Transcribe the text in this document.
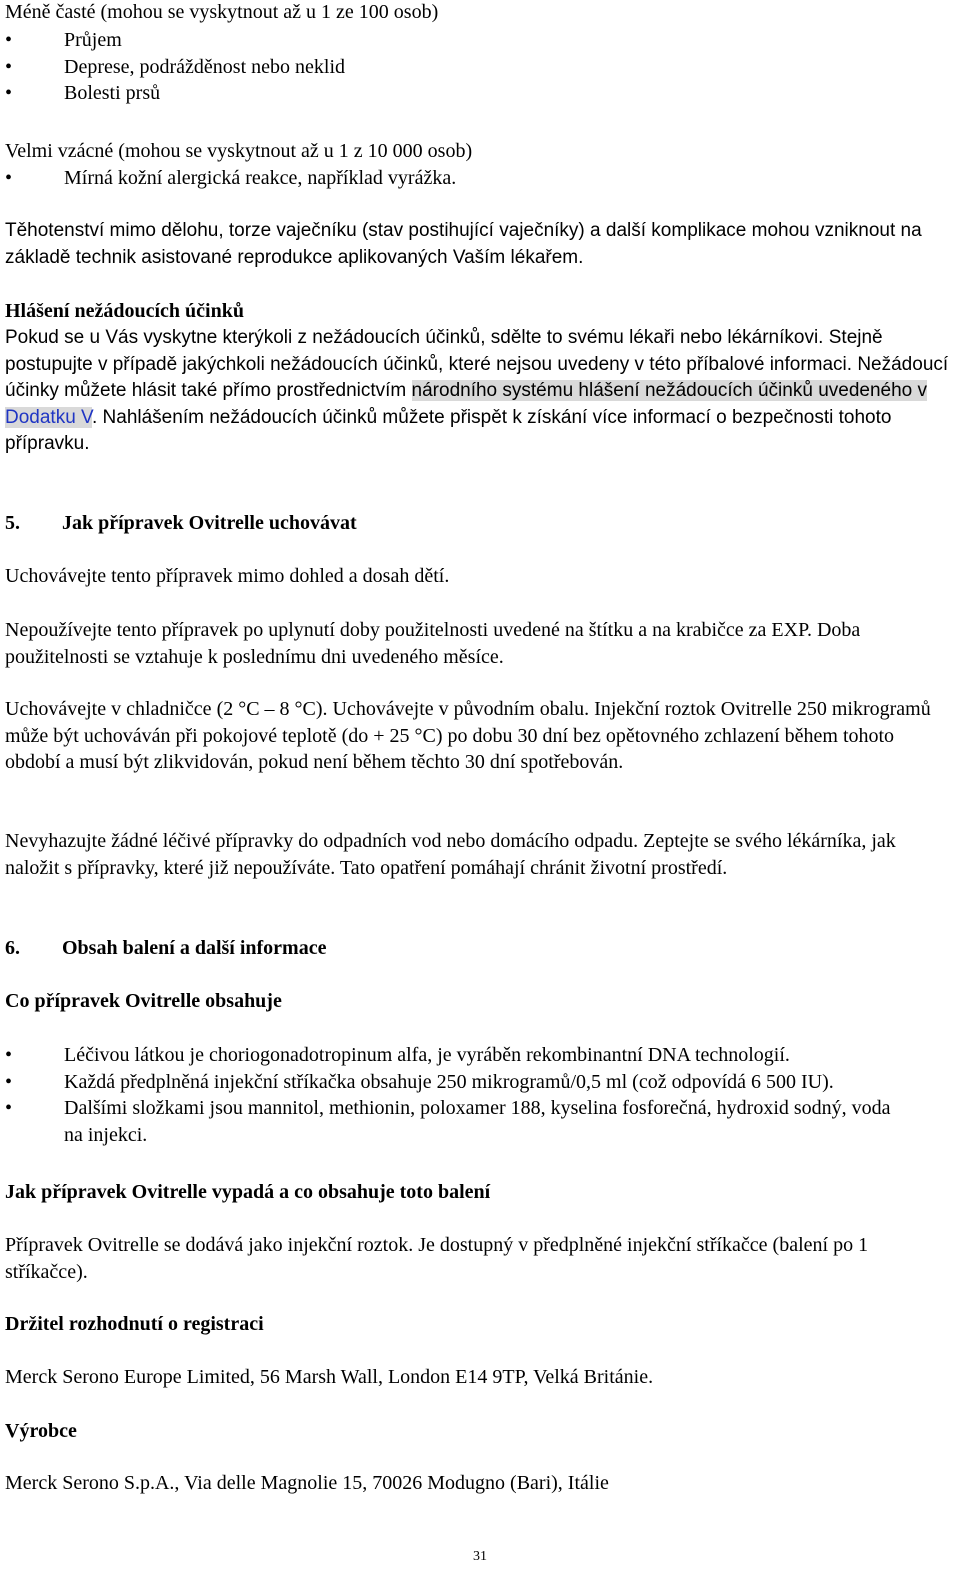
Méně časté (mohou se vyskytnout až u 1 ze 100 osob)

• Průjem
• Deprese, podrážděnost nebo neklid
• Bolesti prsů

Velmi vzácné (mohou se vyskytnout až u 1 z 10 000 osob)

• Mírná kožní alergická reakce, například vyrážka.

Těhotenství mimo dělohu, torze vaječníku (stav postihující vaječníky) a další komplikace mohou vzniknout na základě technik asistované reprodukce aplikovaných Vaším lékařem.

Hlášení nežádoucích účinků

Pokud se u Vás vyskytne kterýkoli z nežádoucích účinků, sdělte to svému lékaři nebo lékárníkovi. Stejně postupujte v případě jakýchkoli nežádoucích účinků, které nejsou uvedeny v této příbalové informaci. Nežádoucí účinky můžete hlásit také přímo prostřednictvím národního systému hlášení nežádoucích účinků uvedeného v Dodatku V. Nahlášením nežádoucích účinků můžete přispět k získání více informací o bezpečnosti tohoto přípravku.

5. Jak přípravek Ovitrelle uchovávat

Uchovávejte tento přípravek mimo dohled a dosah dětí.

Nepoužívejte tento přípravek po uplynutí doby použitelnosti uvedené na štítku a na krabičce za EXP. Doba použitelnosti se vztahuje k poslednímu dni uvedeného měsíce.

Uchovávejte v chladničce (2 °C – 8 °C). Uchovávejte v původním obalu. Injekční roztok Ovitrelle 250 mikrogramů může být uchováván při pokojové teplotě (do + 25 °C) po dobu 30 dní bez opětovného zchlazení během tohoto období a musí být zlikvidován, pokud není během těchto 30 dní spotřebován.

Nevyhazujte žádné léčivé přípravky do odpadních vod nebo domácího odpadu. Zeptejte se svého lékárníka, jak naložit s přípravky, které již nepoužíváte. Tato opatření pomáhají chránit životní prostředí.

6. Obsah balení a další informace

Co přípravek Ovitrelle obsahuje

• Léčivou látkou je choriogonadotropinum alfa, je vyráběn rekombinantní DNA technologií.
• Každá předplněná injekční stříkačka obsahuje 250 mikrogramů/0,5 ml (což odpovídá 6 500 IU).
• Dalšími složkami jsou mannitol, methionin, poloxamer 188, kyselina fosforečná, hydroxid sodný, voda na injekci.

Jak přípravek Ovitrelle vypadá a co obsahuje toto balení

Přípravek Ovitrelle se dodává jako injekční roztok. Je dostupný v předplněné injekční stříkačce (balení po 1 stříkačce).

Držitel rozhodnutí o registraci

Merck Serono Europe Limited, 56 Marsh Wall, London E14 9TP, Velká Británie.

Výrobce

Merck Serono S.p.A., Via delle Magnolie 15, 70026 Modugno (Bari), Itálie

31
